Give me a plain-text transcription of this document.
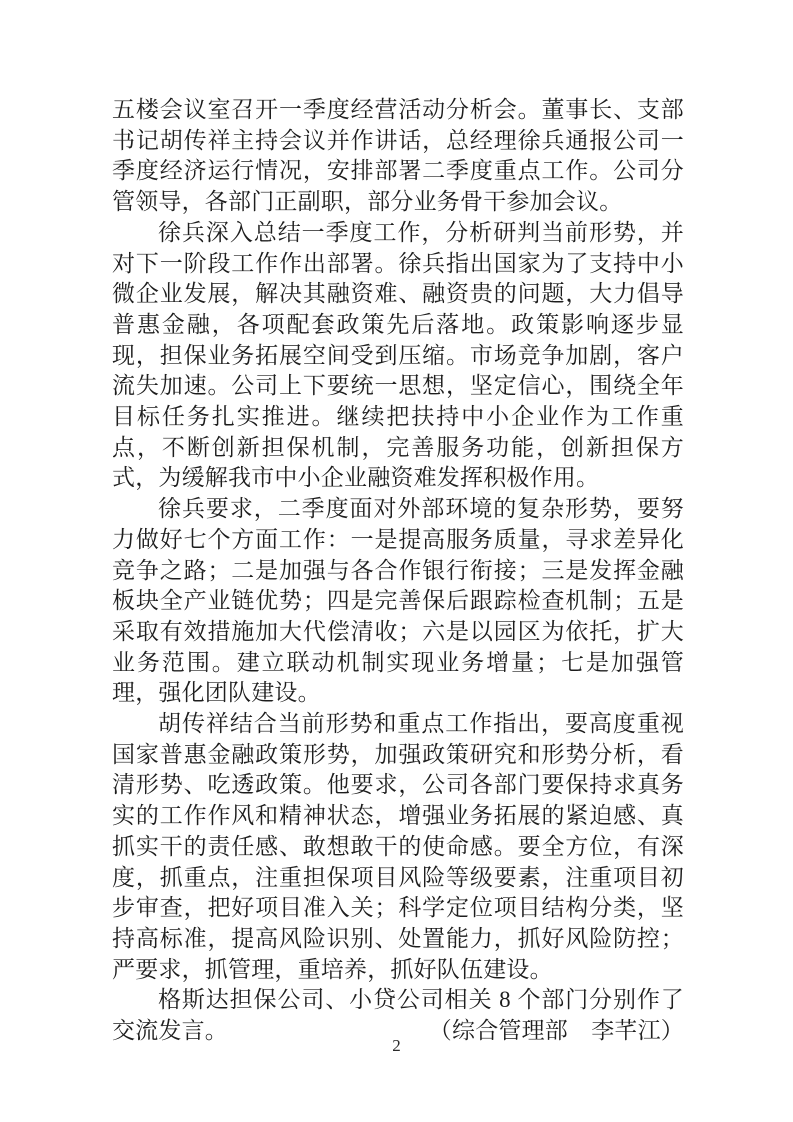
五楼会议室召开一季度经营活动分析会。董事长、支部书记胡传祥主持会议并作讲话，总经理徐兵通报公司一季度经济运行情况，安排部署二季度重点工作。公司分管领导，各部门正副职，部分业务骨干参加会议。

徐兵深入总结一季度工作，分析研判当前形势，并对下一阶段工作作出部署。徐兵指出国家为了支持中小微企业发展，解决其融资难、融资贵的问题，大力倡导普惠金融，各项配套政策先后落地。政策影响逐步显现，担保业务拓展空间受到压缩。市场竞争加剧，客户流失加速。公司上下要统一思想，坚定信心，围绕全年目标任务扎实推进。继续把扶持中小企业作为工作重点，不断创新担保机制，完善服务功能，创新担保方式，为缓解我市中小企业融资难发挥积极作用。

徐兵要求，二季度面对外部环境的复杂形势，要努力做好七个方面工作：一是提高服务质量，寻求差异化竞争之路；二是加强与各合作银行衔接；三是发挥金融板块全产业链优势；四是完善保后跟踪检查机制；五是采取有效措施加大代偿清收；六是以园区为依托，扩大业务范围。建立联动机制实现业务增量；七是加强管理，强化团队建设。

胡传祥结合当前形势和重点工作指出，要高度重视国家普惠金融政策形势，加强政策研究和形势分析，看清形势、吃透政策。他要求，公司各部门要保持求真务实的工作作风和精神状态，增强业务拓展的紧迫感、真抓实干的责任感、敢想敢干的使命感。要全方位，有深度，抓重点，注重担保项目风险等级要素，注重项目初步审查，把好项目准入关；科学定位项目结构分类，坚持高标准，提高风险识别、处置能力，抓好风险防控；严要求，抓管理，重培养，抓好队伍建设。

格斯达担保公司、小贷公司相关 8 个部门分别作了交流发言。	（综合管理部　李芊江）

2
